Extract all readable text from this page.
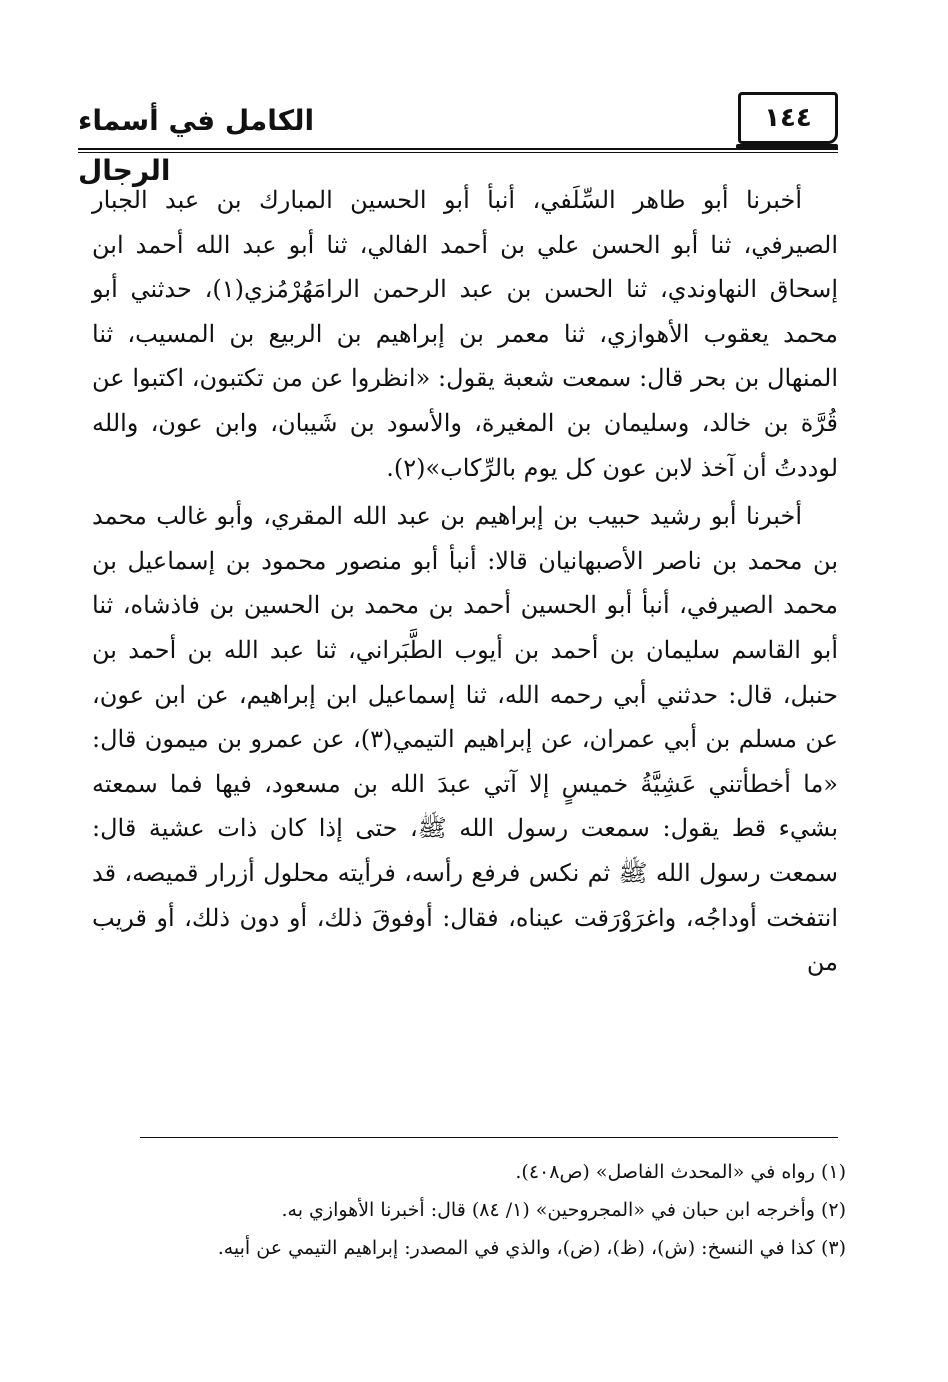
الكامل في أسماء الرجال
١٤٤

أخبرنا أبو طاهر السِّلَفي، أنبأ أبو الحسين المبارك بن عبد الجبار الصيرفي، ثنا أبو الحسن علي بن أحمد الفالي، ثنا أبو عبد الله أحمد ابن إسحاق النهاوندي، ثنا الحسن بن عبد الرحمن الرامَهُرْمُزي(١)، حدثني أبو محمد يعقوب الأهوازي، ثنا معمر بن إبراهيم بن الربيع بن المسيب، ثنا المنهال بن بحر قال: سمعت شعبة يقول: «انظروا عن من تكتبون، اكتبوا عن قُرَّة بن خالد، وسليمان بن المغيرة، والأسود بن شَيبان، وابن عون، والله لوددتُ أن آخذ لابن عون كل يوم بالرِّكاب»(٢).

أخبرنا أبو رشيد حبيب بن إبراهيم بن عبد الله المقري، وأبو غالب محمد بن محمد بن ناصر الأصبهانيان قالا: أنبأ أبو منصور محمود بن إسماعيل بن محمد الصيرفي، أنبأ أبو الحسين أحمد بن محمد بن الحسين بن فاذشاه، ثنا أبو القاسم سليمان بن أحمد بن أيوب الطَّبَراني، ثنا عبد الله بن أحمد بن حنبل، قال: حدثني أبي رحمه الله، ثنا إسماعيل ابن إبراهيم، عن ابن عون، عن مسلم بن أبي عمران، عن إبراهيم التيمي(٣)، عن عمرو بن ميمون قال: «ما أخطأتني عَشِيَّةُ خميسٍ إلا آتي عبدَ الله بن مسعود، فيها فما سمعته بشيء قط يقول: سمعت رسول الله ﷺ، حتى إذا كان ذات عشية قال: سمعت رسول الله ﷺ ثم نكس فرفع رأسه، فرأيته محلول أزرار قميصه، قد انتفخت أوداجُه، واغرَوْرَقت عيناه، فقال: أوفوقَ ذلك، أو دون ذلك، أو قريب من

(١) رواه في «المحدث الفاصل» (ص٤٠٨).

(٢) وأخرجه ابن حبان في «المجروحين» (١/ ٨٤) قال: أخبرنا الأهوازي به.

(٣) كذا في النسخ: (ش)، (ظ)، (ض)، والذي في المصدر: إبراهيم التيمي عن أبيه.
